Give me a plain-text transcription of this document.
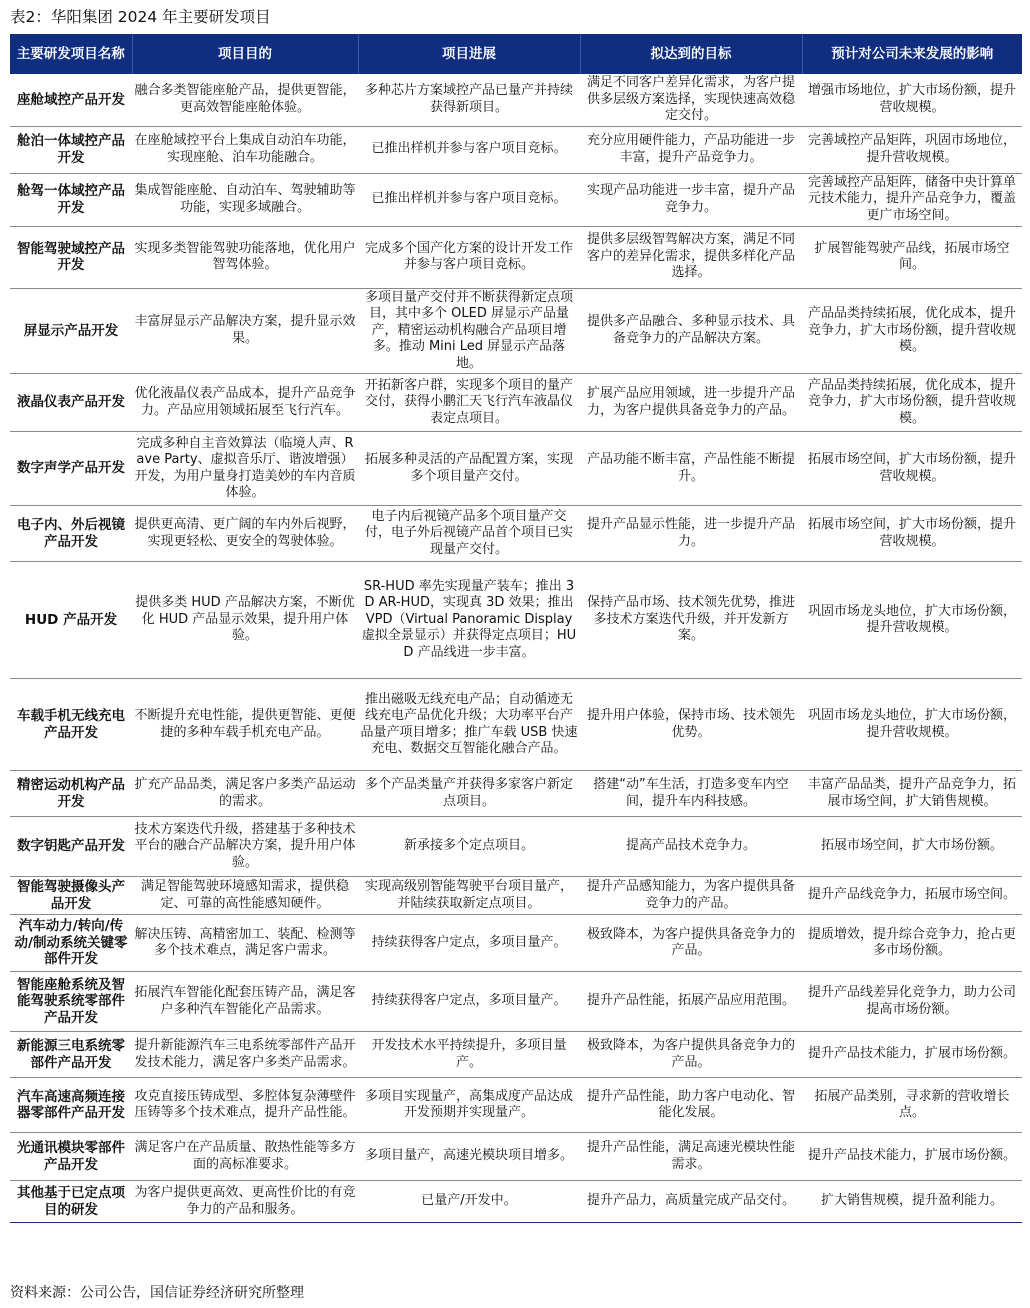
表2：华阳集团 2024 年主要研发项目
主要研发项目名称	项目目的	项目进展	拟达到的目标	预计对公司未来发展的影响
座舱域控产品开发	融合多类智能座舱产品，提供更智能，更高效智能座舱体验。	多种芯片方案域控产品已量产并持续获得新项目。	满足不同客户差异化需求，为客户提供多层级方案选择，实现快速高效稳定交付。	增强市场地位，扩大市场份额，提升营收规模。
舱泊一体域控产品开发	在座舱域控平台上集成自动泊车功能，实现座舱、泊车功能融合。	已推出样机并参与客户项目竞标。	充分应用硬件能力，产品功能进一步丰富，提升产品竞争力。	完善域控产品矩阵，巩固市场地位，提升营收规模。
舱驾一体域控产品开发	集成智能座舱、自动泊车、驾驶辅助等功能，实现多域融合。	已推出样机并参与客户项目竞标。	实现产品功能进一步丰富，提升产品竞争力。	完善域控产品矩阵，储备中央计算单元技术能力，提升产品竞争力，覆盖更广市场空间。
智能驾驶域控产品开发	实现多类智能驾驶功能落地，优化用户智驾体验。	完成多个国产化方案的设计开发工作并参与客户项目竞标。	提供多层级智驾解决方案，满足不同客户的差异化需求，提供多样化产品选择。	扩展智能驾驶产品线，拓展市场空间。
屏显示产品开发	丰富屏显示产品解决方案，提升显示效果。	多项目量产交付并不断获得新定点项目，其中多个 OLED 屏显示产品量产，精密运动机构融合产品项目增多。推动 Mini Led 屏显示产品落地。	提供多产品融合、多种显示技术、具备竞争力的产品解决方案。	产品品类持续拓展，优化成本，提升竞争力，扩大市场份额，提升营收规模。
液晶仪表产品开发	优化液晶仪表产品成本，提升产品竞争力。产品应用领域拓展至飞行汽车。	开拓新客户群，实现多个项目的量产交付，获得小鹏汇天飞行汽车液晶仪表定点项目。	扩展产品应用领域，进一步提升产品力，为客户提供具备竞争力的产品。	产品品类持续拓展，优化成本，提升竞争力，扩大市场份额，提升营收规模。
数字声学产品开发	完成多种自主音效算法（临境人声、Rave Party、虚拟音乐厅、谐波增强）开发，为用户量身打造美妙的车内音质体验。	拓展多种灵活的产品配置方案，实现多个项目量产交付。	产品功能不断丰富，产品性能不断提升。	拓展市场空间，扩大市场份额，提升营收规模。
电子内、外后视镜产品开发	提供更高清、更广阔的车内外后视野，实现更轻松、更安全的驾驶体验。	电子内后视镜产品多个项目量产交付，电子外后视镜产品首个项目已实现量产交付。	提升产品显示性能，进一步提升产品力。	拓展市场空间，扩大市场份额，提升营收规模。
HUD 产品开发	提供多类 HUD 产品解决方案，不断优化 HUD 产品显示效果，提升用户体验。	SR-HUD 率先实现量产装车；推出 3D AR-HUD，实现真 3D 效果；推出 VPD（Virtual Panoramic Display 虚拟全景显示）并获得定点项目；HUD 产品线进一步丰富。	保持产品市场、技术领先优势，推进多技术方案迭代升级，并开发新方案。	巩固市场龙头地位，扩大市场份额，提升营收规模。
车载手机无线充电产品开发	不断提升充电性能，提供更智能、更便捷的多种车载手机充电产品。	推出磁吸无线充电产品；自动循迹无线充电产品优化升级；大功率平台产品量产项目增多；推广车载 USB 快速充电、数据交互智能化融合产品。	提升用户体验，保持市场、技术领先优势。	巩固市场龙头地位，扩大市场份额，提升营收规模。
精密运动机构产品开发	扩充产品品类，满足客户多类产品运动的需求。	多个产品类量产并获得多家客户新定点项目。	搭建“动”车生活，打造多变车内空间，提升车内科技感。	丰富产品品类，提升产品竞争力，拓展市场空间，扩大销售规模。
数字钥匙产品开发	技术方案迭代升级，搭建基于多种技术平台的融合产品解决方案，提升用户体验。	新承接多个定点项目。	提高产品技术竞争力。	拓展市场空间，扩大市场份额。
智能驾驶摄像头产品开发	满足智能驾驶环境感知需求，提供稳定、可靠的高性能感知硬件。	实现高级别智能驾驶平台项目量产，并陆续获取新定点项目。	提升产品感知能力，为客户提供具备竞争力的产品。	提升产品线竞争力，拓展市场空间。
汽车动力/转向/传动/制动系统关键零部件开发	解决压铸、高精密加工、装配、检测等多个技术难点，满足客户需求。	持续获得客户定点，多项目量产。	极致降本，为客户提供具备竞争力的产品。	提质增效，提升综合竞争力，抢占更多市场份额。
智能座舱系统及智能驾驶系统零部件产品开发	拓展汽车智能化配套压铸产品，满足客户多种汽车智能化产品需求。	持续获得客户定点，多项目量产。	提升产品性能，拓展产品应用范围。	提升产品线差异化竞争力，助力公司提高市场份额。
新能源三电系统零部件产品开发	提升新能源汽车三电系统零部件产品开发技术能力，满足客户多类产品需求。	开发技术水平持续提升，多项目量产。	极致降本，为客户提供具备竞争力的产品。	提升产品技术能力，扩展市场份额。
汽车高速高频连接器零部件产品开发	攻克直接压铸成型、多腔体复杂薄壁件压铸等多个技术难点，提升产品性能。	多项目实现量产，高集成度产品达成开发预期并实现量产。	提升产品性能，助力客户电动化、智能化发展。	拓展产品类别，寻求新的营收增长点。
光通讯模块零部件产品开发	满足客户在产品质量、散热性能等多方面的高标准要求。	多项目量产，高速光模块项目增多。	提升产品性能，满足高速光模块性能需求。	提升产品技术能力，扩展市场份额。
其他基于已定点项目的研发	为客户提供更高效、更高性价比的有竞争力的产品和服务。	已量产/开发中。	提升产品力，高质量完成产品交付。	扩大销售规模，提升盈利能力。
资料来源：公司公告，国信证券经济研究所整理
